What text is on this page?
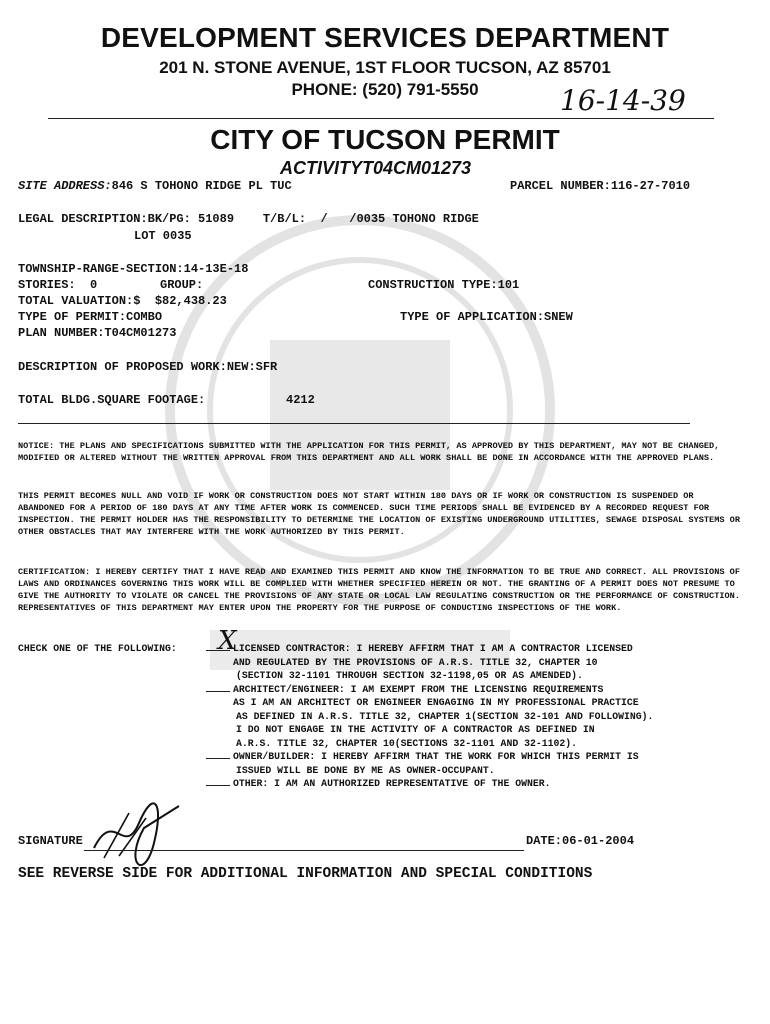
DEVELOPMENT SERVICES DEPARTMENT
201 N. STONE AVENUE, 1ST FLOOR TUCSON, AZ 85701
PHONE: (520) 791-5550	16-14-39
CITY OF TUCSON PERMIT
ACTIVITYT04CM01273
SITE ADDRESS:846 S TOHONO RIDGE PL TUC	PARCEL NUMBER:116-27-7010
LEGAL DESCRIPTION:BK/PG: 51089    T/B/L:  /   /0035 TOHONO RIDGE
LOT 0035
TOWNSHIP-RANGE-SECTION:14-13E-18
STORIES:  0	GROUP:	CONSTRUCTION TYPE:101
TOTAL VALUATION:$  $82,438.23
TYPE OF PERMIT:COMBO	TYPE OF APPLICATION:SNEW
PLAN NUMBER:T04CM01273
DESCRIPTION OF PROPOSED WORK:NEW:SFR
TOTAL BLDG.SQUARE FOOTAGE:	4212
NOTICE: THE PLANS AND SPECIFICATIONS SUBMITTED WITH THE APPLICATION FOR THIS PERMIT, AS APPROVED BY THIS DEPARTMENT, MAY NOT BE CHANGED, MODIFIED OR ALTERED WITHOUT THE WRITTEN APPROVAL FROM THIS DEPARTMENT AND ALL WORK SHALL BE DONE IN ACCORDANCE WITH THE APPROVED PLANS.
THIS PERMIT BECOMES NULL AND VOID IF WORK OR CONSTRUCTION DOES NOT START WITHIN 180 DAYS OR IF WORK OR CONSTRUCTION IS SUSPENDED OR ABANDONED FOR A PERIOD OF 180 DAYS AT ANY TIME AFTER WORK IS COMMENCED. SUCH TIME PERIODS SHALL BE EVIDENCED BY A RECORDED REQUEST FOR INSPECTION. THE PERMIT HOLDER HAS THE RESPONSIBILITY TO DETERMINE THE LOCATION OF EXISTING UNDERGROUND UTILITIES, SEWAGE DISPOSAL SYSTEMS OR OTHER OBSTACLES THAT MAY INTERFERE WITH THE WORK AUTHORIZED BY THIS PERMIT.
CERTIFICATION: I HEREBY CERTIFY THAT I HAVE READ AND EXAMINED THIS PERMIT AND KNOW THE INFORMATION TO BE TRUE AND CORRECT. ALL PROVISIONS OF LAWS AND ORDINANCES GOVERNING THIS WORK WILL BE COMPLIED WITH WHETHER SPECIFIED HEREIN OR NOT. THE GRANTING OF A PERMIT DOES NOT PRESUME TO GIVE THE AUTHORITY TO VIOLATE OR CANCEL THE PROVISIONS OF ANY STATE OR LOCAL LAW REGULATING CONSTRUCTION OR THE PERFORMANCE OF CONSTRUCTION. REPRESENTATIVES OF THIS DEPARTMENT MAY ENTER UPON THE PROPERTY FOR THE PURPOSE OF CONDUCTING INSPECTIONS OF THE WORK.
CHECK ONE OF THE FOLLOWING: X
LICENSED CONTRACTOR: I HEREBY AFFIRM THAT I AM A CONTRACTOR LICENSED
AND REGULATED BY THE PROVISIONS OF A.R.S. TITLE 32, CHAPTER 10
(SECTION 32-1101 THROUGH SECTION 32-1198,05 OR AS AMENDED).
ARCHITECT/ENGINEER: I AM EXEMPT FROM THE LICENSING REQUIREMENTS
AS I AM AN ARCHITECT OR ENGINEER ENGAGING IN MY PROFESSIONAL PRACTICE
AS DEFINED IN A.R.S. TITLE 32, CHAPTER 1(SECTION 32-101 AND FOLLOWING).
I DO NOT ENGAGE IN THE ACTIVITY OF A CONTRACTOR AS DEFINED IN
A.R.S. TITLE 32, CHAPTER 10(SECTIONS 32-1101 AND 32-1102).
OWNER/BUILDER: I HEREBY AFFIRM THAT THE WORK FOR WHICH THIS PERMIT IS
ISSUED WILL BE DONE BY ME AS OWNER-OCCUPANT.
OTHER: I AM AN AUTHORIZED REPRESENTATIVE OF THE OWNER.
SIGNATURE	DATE:06-01-2004
SEE REVERSE SIDE FOR ADDITIONAL INFORMATION AND SPECIAL CONDITIONS
